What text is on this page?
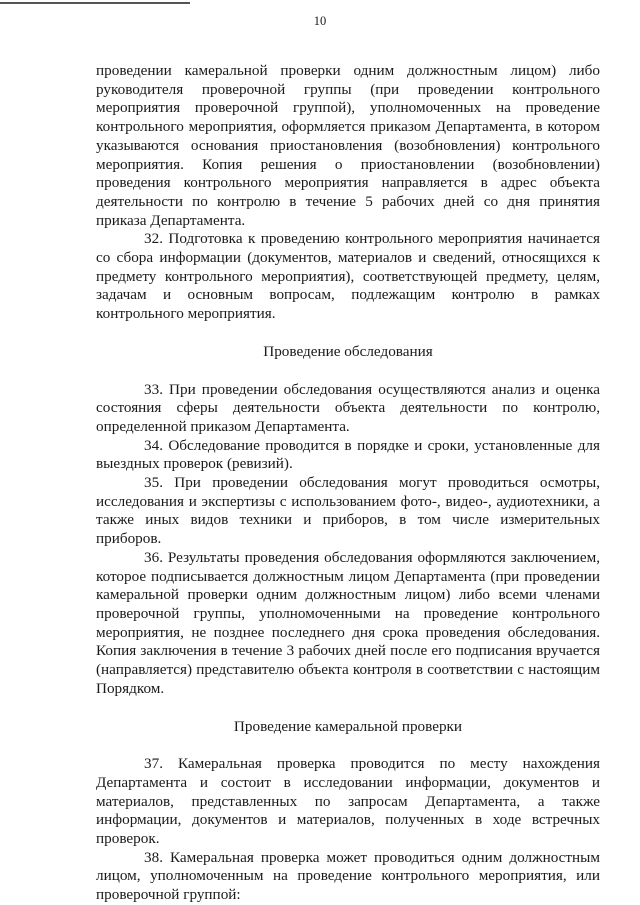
10

проведении камеральной проверки одним должностным лицом) либо руководителя проверочной группы (при проведении контрольного мероприятия проверочной группой), уполномоченных на проведение контрольного мероприятия, оформляется приказом Департамента, в котором указываются основания приостановления (возобновления) контрольного мероприятия. Копия решения о приостановлении (возобновлении) проведения контрольного мероприятия направляется в адрес объекта деятельности по контролю в течение 5 рабочих дней со дня принятия приказа Департамента.

32. Подготовка к проведению контрольного мероприятия начинается со сбора информации (документов, материалов и сведений, относящихся к предмету контрольного мероприятия), соответствующей предмету, целям, задачам и основным вопросам, подлежащим контролю в рамках контрольного мероприятия.

Проведение обследования

33. При проведении обследования осуществляются анализ и оценка состояния сферы деятельности объекта деятельности по контролю, определенной приказом Департамента.

34. Обследование проводится в порядке и сроки, установленные для выездных проверок (ревизий).

35. При проведении обследования могут проводиться осмотры, исследования и экспертизы с использованием фото-, видео-, аудиотехники, а также иных видов техники и приборов, в том числе измерительных приборов.

36. Результаты проведения обследования оформляются заключением, которое подписывается должностным лицом Департамента (при проведении камеральной проверки одним должностным лицом) либо всеми членами проверочной группы, уполномоченными на проведение контрольного мероприятия, не позднее последнего дня срока проведения обследования. Копия заключения в течение 3 рабочих дней после его подписания вручается (направляется) представителю объекта контроля в соответствии с настоящим Порядком.

Проведение камеральной проверки

37. Камеральная проверка проводится по месту нахождения Департамента и состоит в исследовании информации, документов и материалов, представленных по запросам Департамента, а также информации, документов и материалов, полученных в ходе встречных проверок.

38. Камеральная проверка может проводиться одним должностным лицом, уполномоченным на проведение контрольного мероприятия, или проверочной группой:
